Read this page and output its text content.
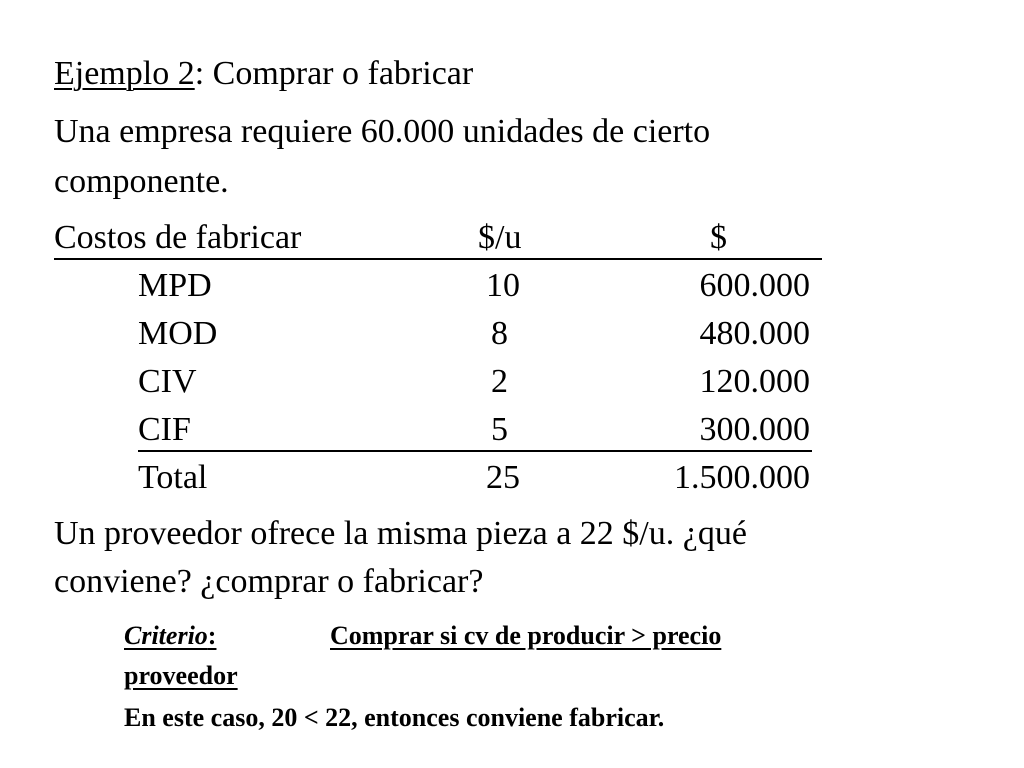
Ejemplo 2: Comprar o fabricar
Una empresa requiere 60.000 unidades de cierto
componente.
Costos de fabricar	$/u	$
MPD	10	600.000
MOD	8	480.000
CIV	2	120.000
CIF	5	300.000
Total	25	1.500.000
Un proveedor ofrece la misma pieza a 22 $/u. ¿qué
conviene? ¿comprar o fabricar?
Criterio:	Comprar si cv de producir > precio
proveedor
En este caso, 20 < 22, entonces conviene fabricar.
